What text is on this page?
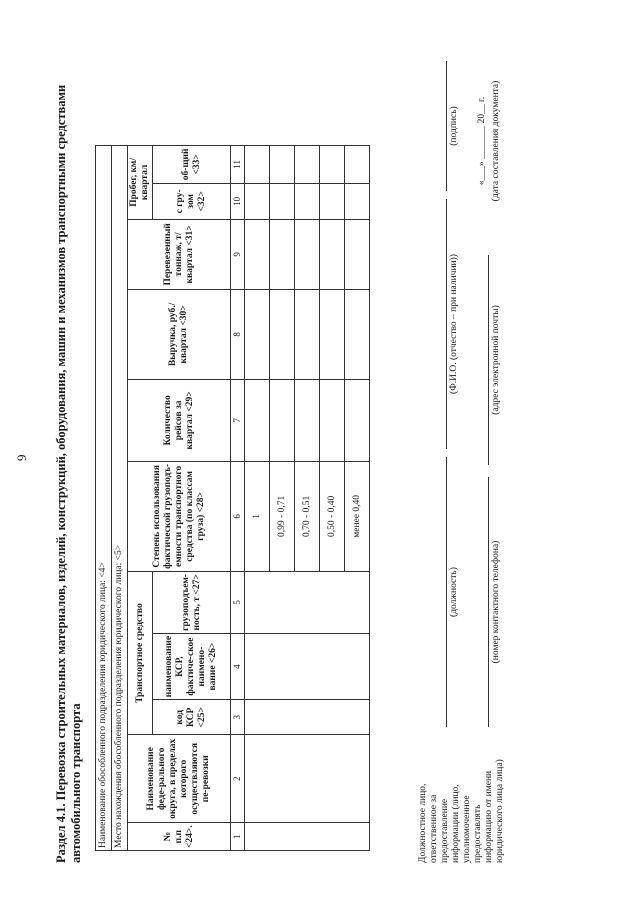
9 Раздел 4.1. Перевозка строительных материалов, изделий, конструкций, оборудования, машин и механизмов транспортными средствами автомобильного транспорта Наименование обособленного подразделения юридического лица: <4>										
Место нахождения обособленного подразделения юридического лица: <5>										
№ п.п <24>.	Наименование феде-рального округа, в пределах которого осуществляются пе-ревозки	Транспортное средство			Степень использования фактической грузоподъ-емности транспортного средства (по классам груза) <28>	Количество рейсов за квартал <29>	Выручка, руб./квартал <30>	Перевезенный тоннаж, т/квартал <31>	Пробег, км/квартал	
		код КСР <25>	наименование КСР, фактиче-ское наимено-вание <26>	грузоподъем-ность, т <27>					с гру-зом <32>	об-щий <33>
1	2	3	4	5	6	7	8	9	10	11
					1					
					0,99 - 0,71					
					0,70 - 0,51					
					0,50 - 0,40					
					менее 0,40					
Должностное лицо, ответственное за предоставление информации (лицо, уполномоченное предоставлять информацию от имени юридического лица лица)
(должность)
(Ф.И.О. (отчество – при наличии))
(подпись)
(номер контактного телефона)
(адрес электронной почты)
«___» _______ 20__ г. (дата составления документа)
